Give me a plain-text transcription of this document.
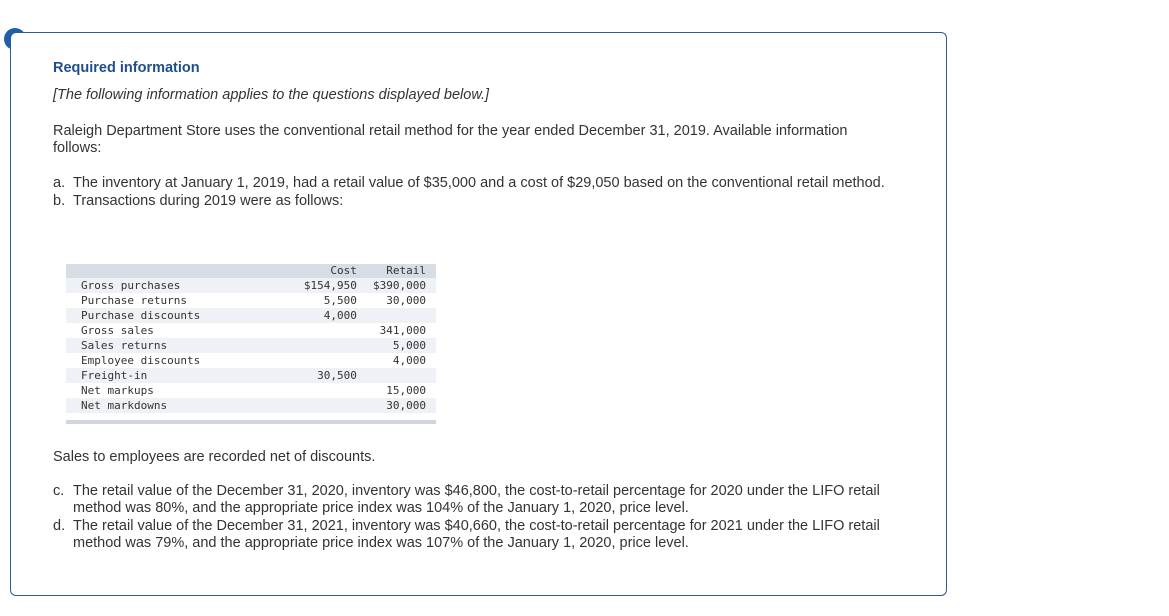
Required information
[The following information applies to the questions displayed below.]
Raleigh Department Store uses the conventional retail method for the year ended December 31, 2019. Available information follows:
a. The inventory at January 1, 2019, had a retail value of $35,000 and a cost of $29,050 based on the conventional retail method.
b. Transactions during 2019 were as follows:
	Cost	Retail
Gross purchases	$154,950	$390,000
Purchase returns	5,500	30,000
Purchase discounts	4,000	
Gross sales		341,000
Sales returns		5,000
Employee discounts		4,000
Freight-in	30,500	
Net markups		15,000
Net markdowns		30,000
Sales to employees are recorded net of discounts.
c. The retail value of the December 31, 2020, inventory was $46,800, the cost-to-retail percentage for 2020 under the LIFO retail method was 80%, and the appropriate price index was 104% of the January 1, 2020, price level.
d. The retail value of the December 31, 2021, inventory was $40,660, the cost-to-retail percentage for 2021 under the LIFO retail method was 79%, and the appropriate price index was 107% of the January 1, 2020, price level.
